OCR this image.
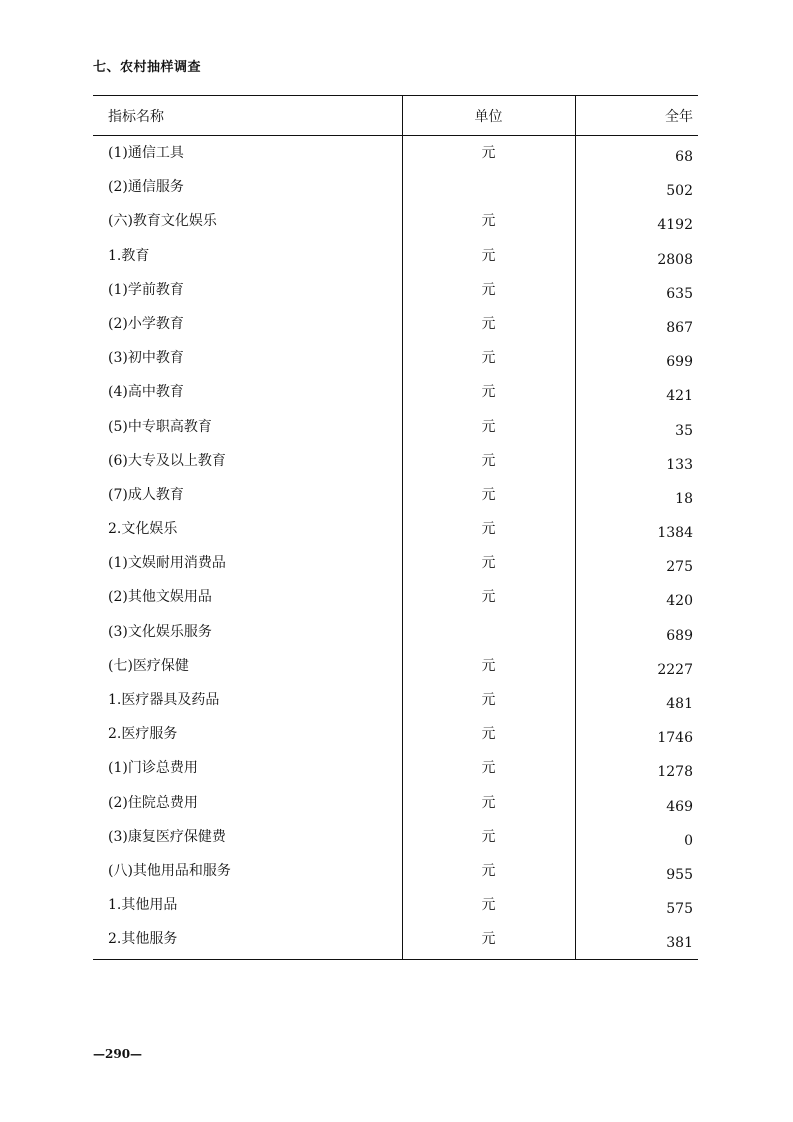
七、农村抽样调查
指标名称	单位	全年
(1)通信工具	元	68
(2)通信服务		502
(六)教育文化娱乐	元	4192
1.教育	元	2808
(1)学前教育	元	635
(2)小学教育	元	867
(3)初中教育	元	699
(4)高中教育	元	421
(5)中专职高教育	元	35
(6)大专及以上教育	元	133
(7)成人教育	元	18
2.文化娱乐	元	1384
(1)文娱耐用消费品	元	275
(2)其他文娱用品	元	420
(3)文化娱乐服务		689
(七)医疗保健	元	2227
1.医疗器具及药品	元	481
2.医疗服务	元	1746
(1)门诊总费用	元	1278
(2)住院总费用	元	469
(3)康复医疗保健费	元	0
(八)其他用品和服务	元	955
1.其他用品	元	575
2.其他服务	元	381
—290—
